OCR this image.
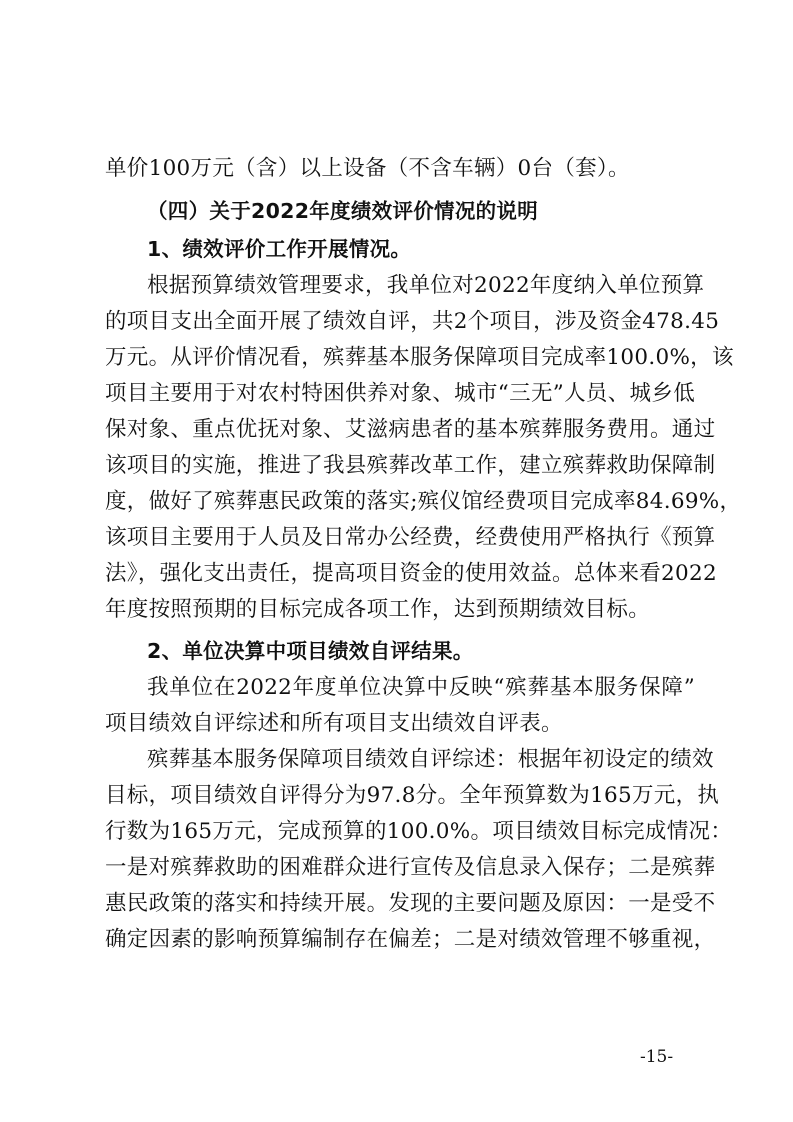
单价100万元（含）以上设备（不含车辆）0台（套）。
（四）关于2022年度绩效评价情况的说明
1、绩效评价工作开展情况。
根据预算绩效管理要求，我单位对2022年度纳入单位预算
的项目支出全面开展了绩效自评，共2个项目，涉及资金478.45
万元。从评价情况看，殡葬基本服务保障项目完成率100.0%，该
项目主要用于对农村特困供养对象、城市“三无”人员、城乡低
保对象、重点优抚对象、艾滋病患者的基本殡葬服务费用。通过
该项目的实施，推进了我县殡葬改革工作，建立殡葬救助保障制
度，做好了殡葬惠民政策的落实;殡仪馆经费项目完成率84.69%，
该项目主要用于人员及日常办公经费，经费使用严格执行《预算
法》，强化支出责任，提高项目资金的使用效益。总体来看2022
年度按照预期的目标完成各项工作，达到预期绩效目标。
2、单位决算中项目绩效自评结果。
我单位在2022年度单位决算中反映“殡葬基本服务保障”
项目绩效自评综述和所有项目支出绩效自评表。
殡葬基本服务保障项目绩效自评综述：根据年初设定的绩效
目标，项目绩效自评得分为97.8分。全年预算数为165万元，执
行数为165万元，完成预算的100.0%。项目绩效目标完成情况：
一是对殡葬救助的困难群众进行宣传及信息录入保存；二是殡葬
惠民政策的落实和持续开展。发现的主要问题及原因：一是受不
确定因素的影响预算编制存在偏差；二是对绩效管理不够重视，
-15-
